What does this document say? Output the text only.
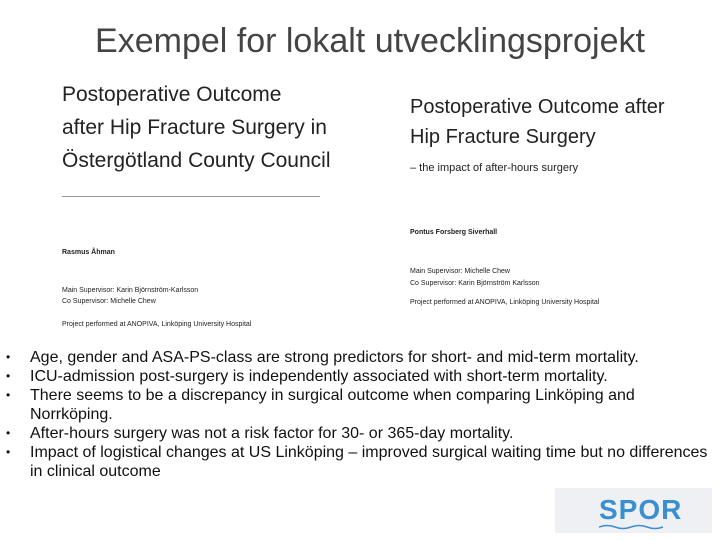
Exempel for lokalt utvecklingsprojekt
Postoperative Outcome
after Hip Fracture Surgery in
Östergötland County Council
Rasmus Åhman
Main Supervisor: Karin Björnström-Karlsson
Co Supervisor: Michelle Chew
Project performed at ANOPIVA, Linköping University Hospital
Postoperative Outcome after
Hip Fracture Surgery
– the impact of after-hours surgery
Pontus Forsberg Siverhall
Main Supervisor: Michelle Chew
Co Supervisor: Karin Björnström Karlsson
Project performed at ANOPIVA, Linköping University Hospital
• Age, gender and ASA-PS-class are strong predictors for short- and mid-term mortality.
• ICU-admission post-surgery is independently associated with short-term mortality.
• There seems to be a discrepancy in surgical outcome when comparing Linköping and Norrköping.
• After-hours surgery was not a risk factor for 30- or 365-day mortality.
• Impact of logistical changes at US Linköping – improved surgical waiting time but no differences in clinical outcome
SPOR
